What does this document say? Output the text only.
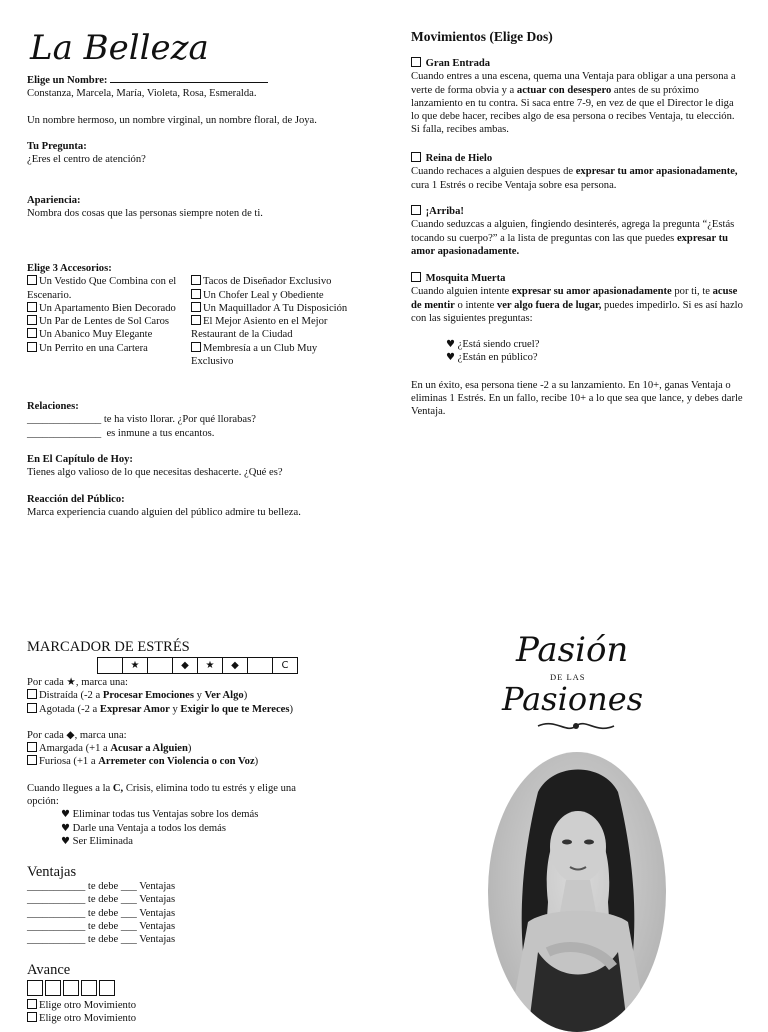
La Belleza

Elige un Nombre:

Constanza, Marcela, María, Violeta, Rosa, Esmeralda.

Un nombre hermoso, un nombre virginal, un nombre floral, de Joya.

Tu Pregunta:

¿Eres el centro de atención?

Apariencia:

Nombra dos cosas que las personas siempre noten de ti.

Elige 3 Accesorios:

Un Vestido Que Combina con el Escenario.

Un Apartamento Bien Decorado

Un Par de Lentes de Sol Caros

Un Abanico Muy Elegante

Un Perrito en una Cartera

Tacos de Diseñador Exclusivo

Un Chofer Leal y Obediente

Un Maquillador A Tu Disposición

El Mejor Asiento en el Mejor Restaurant de la Ciudad

Membresía a un Club Muy Exclusivo

Relaciones:

______________ te ha visto llorar. ¿Por qué llorabas?

______________ es inmune a tus encantos.

En El Capítulo de Hoy:

Tienes algo valioso de lo que necesitas deshacerte. ¿Qué es?

Reacción del Público:

Marca experiencia cuando alguien del público admire tu belleza.

MARCADOR DE ESTRÉS
★	◆	★	◆	C

Por cada ★, marca una:

Distraída (-2 a Procesar Emociones y Ver Algo)

Agotada (-2 a Expresar Amor y Exigir lo que te Mereces)

Por cada ◆, marca una:

Amargada (+1 a Acusar a Alguien)

Furiosa (+1 a Arremeter con Violencia o con Voz)

Cuando llegues a la C, Crisis, elimina todo tu estrés y elige una opción:

♥ Eliminar todas tus Ventajas sobre los demás

♥ Darle una Ventaja a todos los demás

♥ Ser Eliminada

Ventajas

___________ te debe ___ Ventajas

___________ te debe ___ Ventajas

___________ te debe ___ Ventajas

___________ te debe ___ Ventajas

___________ te debe ___ Ventajas

Avance

Elige otro Movimiento

Elige otro Movimiento

Movimientos (Elige Dos)

Gran Entrada

Cuando entres a una escena, quema una Ventaja para obligar a una persona a verte de forma obvia y a actuar con desespero antes de su próximo lanzamiento en tu contra. Si saca entre 7-9, en vez de que el Director le diga lo que debe hacer, recibes algo de esa persona o recibes Ventaja, tu elección. Si falla, recibes ambas.

Reina de Hielo

Cuando rechaces a alguien despues de expresar tu amor apasionadamente, cura 1 Estrés o recibe Ventaja sobre esa persona.

¡Arriba!

Cuando seduzcas a alguien, fingiendo desinterés, agrega la pregunta “¿Estás tocando su cuerpo?” a la lista de preguntas con las que puedes expresar tu amor apasionadamente.

Mosquita Muerta

Cuando alguien intente expresar su amor apasionadamente por ti, te acuse de mentir o intente ver algo fuera de lugar, puedes impedirlo. Si es así hazlo con las siguientes preguntas:

♥ ¿Está siendo cruel?

♥ ¿Están en público?

En un éxito, esa persona tiene -2 a su lanzamiento. En 10+, ganas Ventaja o eliminas 1 Estrés. En un fallo, recibe 10+ a lo que sea que lance, y debes darle Ventaja.

Pasión
DE LAS
Pasiones
